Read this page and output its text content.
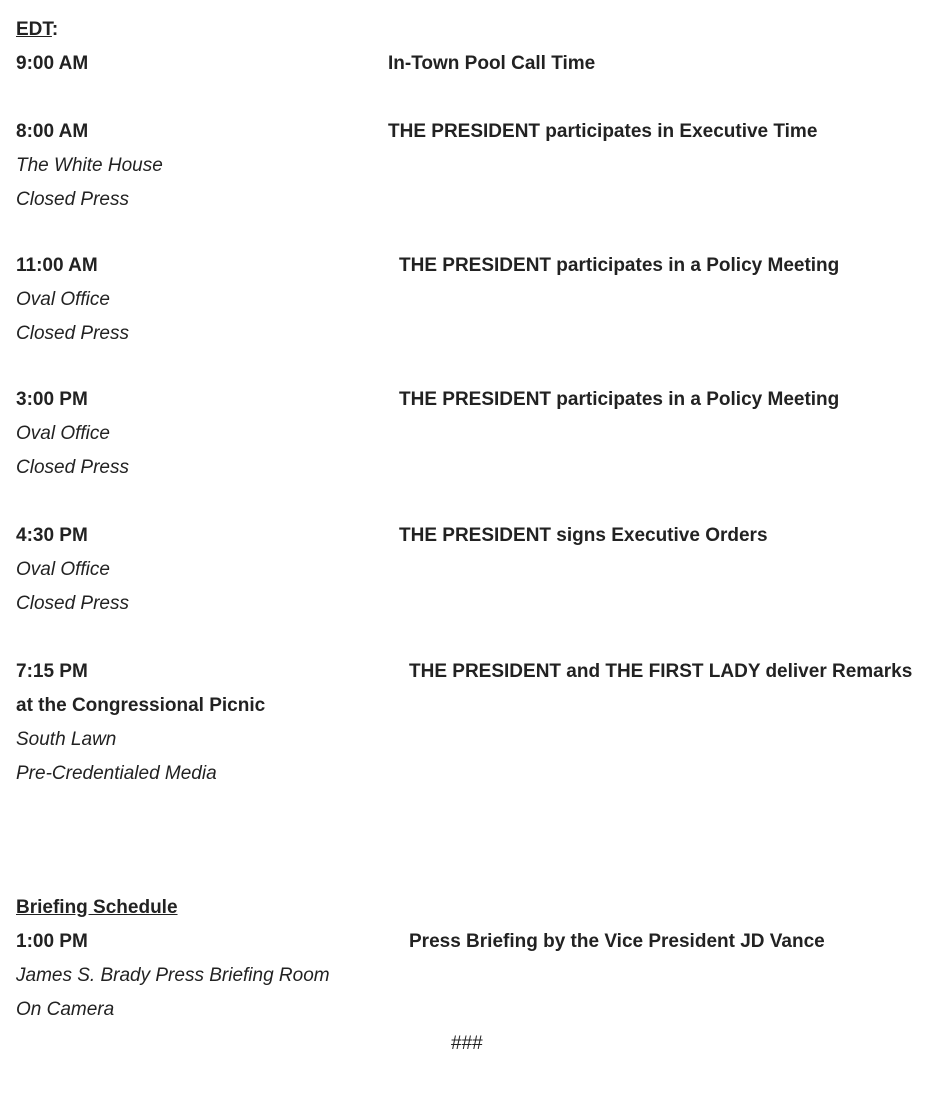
EDT:
9:00 AM	In-Town Pool Call Time
8:00 AM	THE PRESIDENT participates in Executive Time
The White House
Closed Press
11:00 AM	THE PRESIDENT participates in a Policy Meeting
Oval Office
Closed Press
3:00 PM	THE PRESIDENT participates in a Policy Meeting
Oval Office
Closed Press
4:30 PM	THE PRESIDENT signs Executive Orders
Oval Office
Closed Press
7:15 PM	THE PRESIDENT and THE FIRST LADY deliver Remarks
at the Congressional Picnic
South Lawn
Pre-Credentialed Media
Briefing Schedule
1:00 PM	Press Briefing by the Vice President JD Vance
James S. Brady Press Briefing Room
On Camera
###
